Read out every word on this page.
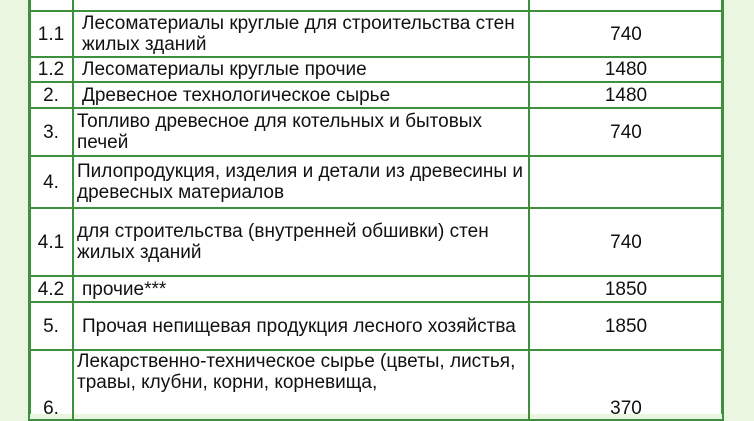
1.1	Лесоматериалы круглые для строительства стен жилых зданий	740
1.2	Лесоматериалы круглые прочие	1480
2.	Древесное технологическое сырье	1480
3.	Топливо древесное для котельных и бытовых печей	740
4.	Пилопродукция, изделия и детали из древесины и древесных материалов	
4.1	для строительства (внутренней обшивки) стен жилых зданий	740
4.2	прочие***	1850
5.	Прочая непищевая продукция лесного хозяйства	1850
6.	Лекарственно-техническое сырье (цветы, листья, травы, клубни, корни, корневища,	370
